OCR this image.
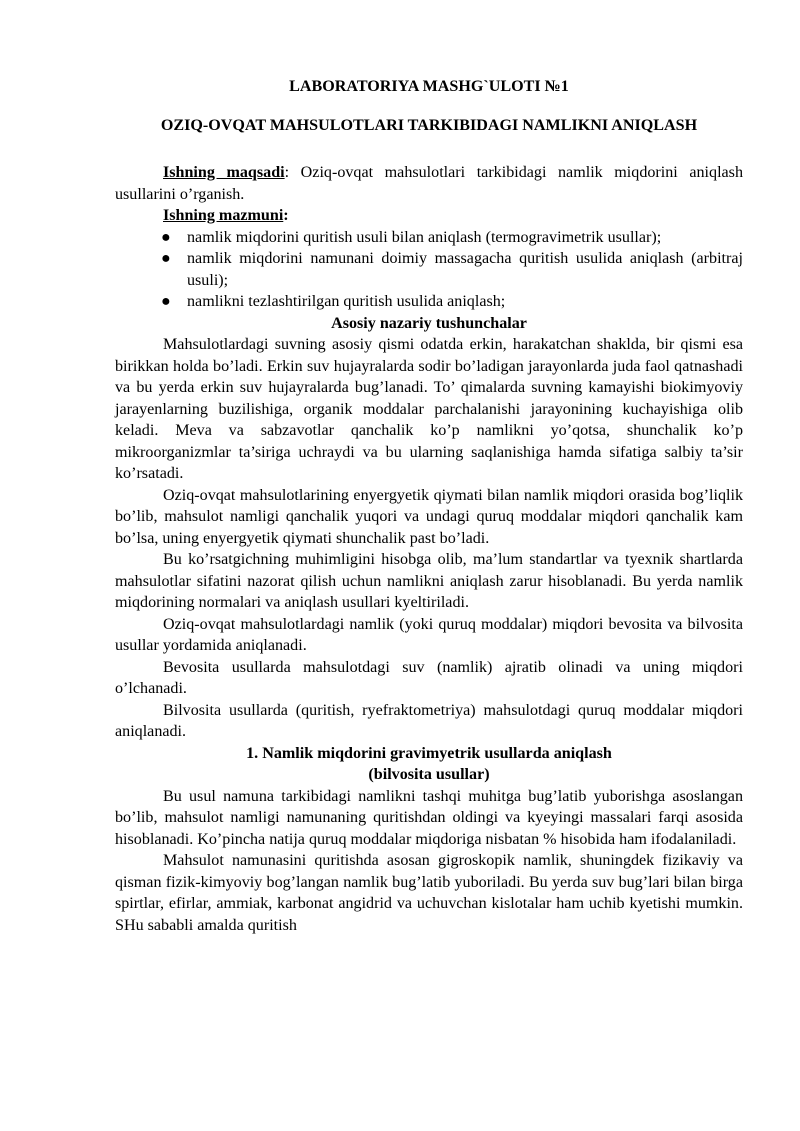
LABORATORIYA MASHG`ULOTI №1
OZIQ-OVQAT MAHSULOTLARI TARKIBIDAGI NAMLIKNI ANIQLASH

Ishning maqsadi: Oziq-ovqat mahsulotlari tarkibidagi namlik miqdorini aniqlash usullarini o’rganish.

Ishning mazmuni:

● namlik miqdorini quritish usuli bilan aniqlash (termogravimetrik usullar);
● namlik miqdorini namunani doimiy massagacha quritish usulida aniqlash (arbitraj usuli);
● namlikni tezlashtirilgan quritish usulida aniqlash;
Asosiy nazariy tushunchalar

Mahsulotlardagi suvning asosiy qismi odatda erkin, harakatchan shaklda, bir qismi esa birikkan holda bo’ladi. Erkin suv hujayralarda sodir bo’ladigan jarayonlarda juda faol qatnashadi va bu yerda erkin suv hujayralarda bug’lanadi. To’ qimalarda suvning kamayishi biokimyoviy jarayenlarning buzilishiga, organik moddalar parchalanishi jarayonining kuchayishiga olib keladi. Meva va sabzavotlar qanchalik ko’p namlikni yo’qotsa, shunchalik ko’p mikroorganizmlar ta’siriga uchraydi va bu ularning saqlanishiga hamda sifatiga salbiy ta’sir ko’rsatadi.

Oziq-ovqat mahsulotlarining enyergyetik qiymati bilan namlik miqdori orasida bog’liqlik bo’lib, mahsulot namligi qanchalik yuqori va undagi quruq moddalar miqdori qanchalik kam bo’lsa, uning enyergyetik qiymati shunchalik past bo’ladi.

Bu ko’rsatgichning muhimligini hisobga olib, ma’lum standartlar va tyexnik shartlarda mahsulotlar sifatini nazorat qilish uchun namlikni aniqlash zarur hisoblanadi. Bu yerda namlik miqdorining normalari va aniqlash usullari kyeltiriladi.

Oziq-ovqat mahsulotlardagi namlik (yoki quruq moddalar) miqdori bevosita va bilvosita usullar yordamida aniqlanadi.

Bevosita usullarda mahsulotdagi suv (namlik) ajratib olinadi va uning miqdori o’lchanadi.

Bilvosita usullarda (quritish, ryefraktometriya) mahsulotdagi quruq moddalar miqdori aniqlanadi.

1. Namlik miqdorini gravimyetrik usullarda aniqlash
(bilvosita usullar)

Bu usul namuna tarkibidagi namlikni tashqi muhitga bug’latib yuborishga asoslangan bo’lib, mahsulot namligi namunaning quritishdan oldingi va kyeyingi massalari farqi asosida hisoblanadi. Ko’pincha natija quruq moddalar miqdoriga nisbatan % hisobida ham ifodalaniladi.

Mahsulot namunasini quritishda asosan gigroskopik namlik, shuningdek fizikaviy va qisman fizik-kimyoviy bog’langan namlik bug’latib yuboriladi. Bu yerda suv bug’lari bilan birga spirtlar, efirlar, ammiak, karbonat angidrid va uchuvchan kislotalar ham uchib kyetishi mumkin. SHu sababli amalda quritish
